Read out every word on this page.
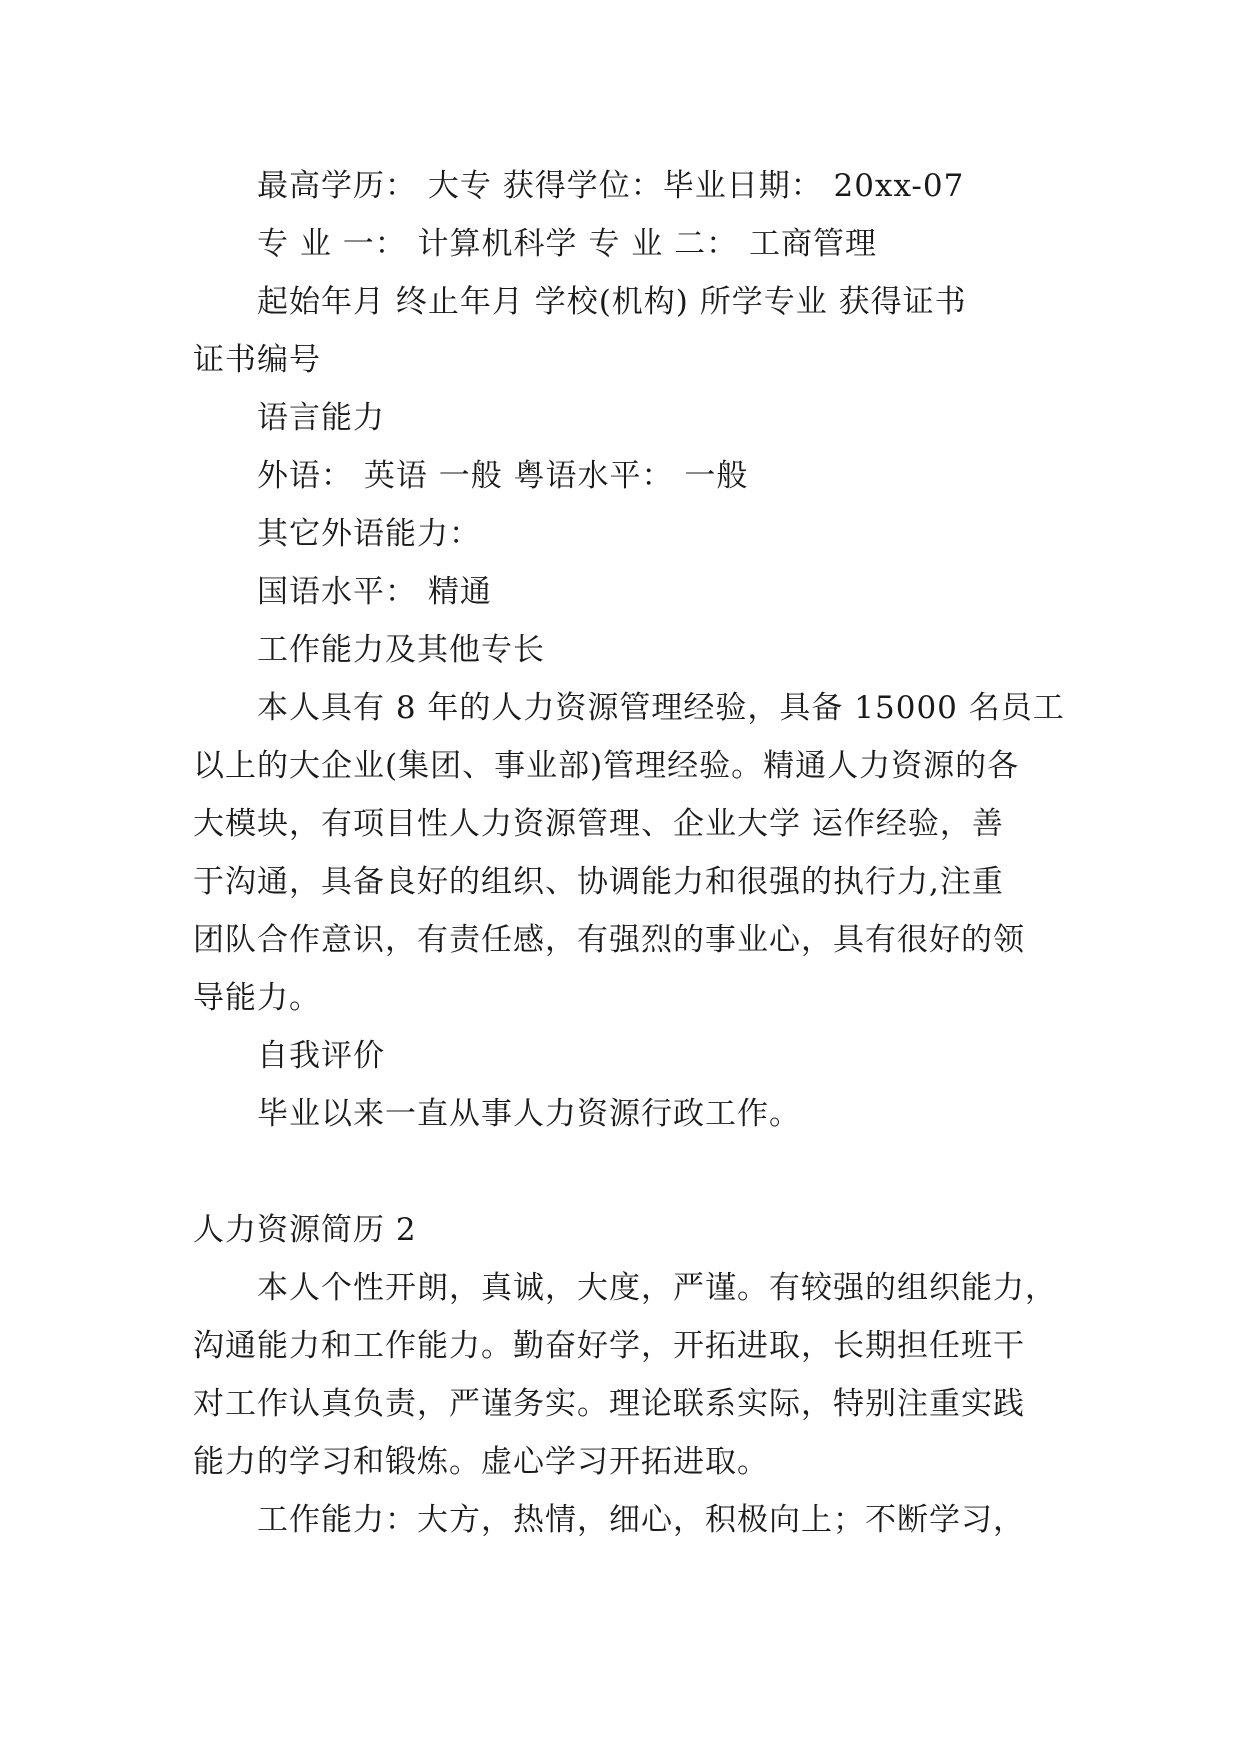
最高学历： 大专 获得学位：毕业日期： 20xx-07
专 业 一： 计算机科学 专 业 二： 工商管理
起始年月 终止年月 学校(机构) 所学专业 获得证书
证书编号
语言能力
外语： 英语 一般 粤语水平： 一般
其它外语能力：
国语水平： 精通
工作能力及其他专长
本人具有 8 年的人力资源管理经验，具备 15000 名员工
以上的大企业(集团、事业部)管理经验。精通人力资源的各
大模块，有项目性人力资源管理、企业大学 运作经验，善
于沟通，具备良好的组织、协调能力和很强的执行力,注重
团队合作意识，有责任感，有强烈的事业心，具有很好的领
导能力。
自我评价
毕业以来一直从事人力资源行政工作。
人力资源简历 2
本人个性开朗，真诚，大度，严谨。有较强的组织能力，
沟通能力和工作能力。勤奋好学，开拓进取，长期担任班干
对工作认真负责，严谨务实。理论联系实际，特别注重实践
能力的学习和锻炼。虚心学习开拓进取。
工作能力：大方，热情，细心，积极向上；不断学习，
